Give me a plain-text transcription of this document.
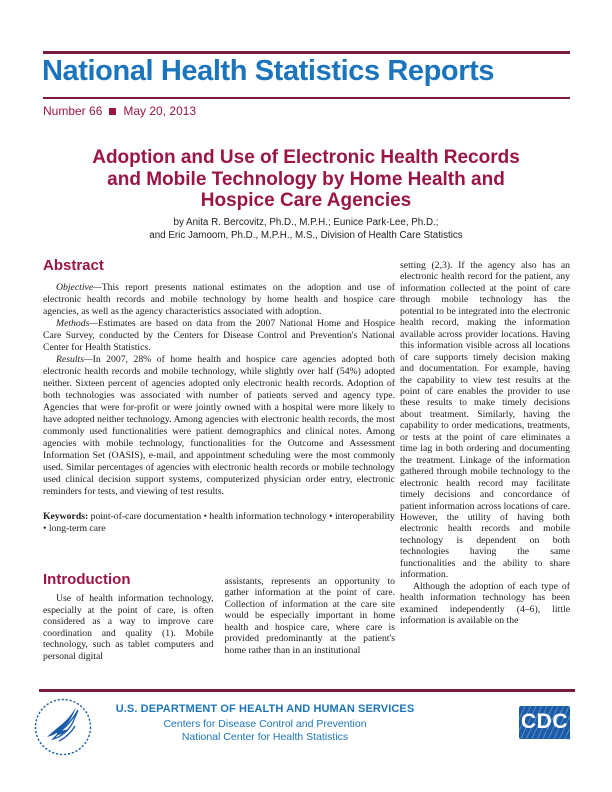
National Health Statistics Reports
Number 66 May 20, 2013
Adoption and Use of Electronic Health Records
and Mobile Technology by Home Health and
Hospice Care Agencies
by Anita R. Bercovitz, Ph.D., M.P.H.; Eunice Park-Lee, Ph.D.;
and Eric Jamoom, Ph.D., M.P.H., M.S., Division of Health Care Statistics
Abstract

Objective—This report presents national estimates on the adoption and use of electronic health records and mobile technology by home health and hospice care agencies, as well as the agency characteristics associated with adoption.

Methods—Estimates are based on data from the 2007 National Home and Hospice Care Survey, conducted by the Centers for Disease Control and Prevention's National Center for Health Statistics.

Results—In 2007, 28% of home health and hospice care agencies adopted both electronic health records and mobile technology, while slightly over half (54%) adopted neither. Sixteen percent of agencies adopted only electronic health records. Adoption of both technologies was associated with number of patients served and agency type. Agencies that were for-profit or were jointly owned with a hospital were more likely to have adopted neither technology. Among agencies with electronic health records, the most commonly used functionalities were patient demographics and clinical notes. Among agencies with mobile technology, functionalities for the Outcome and Assessment Information Set (OASIS), e-mail, and appointment scheduling were the most commonly used. Similar percentages of agencies with electronic health records or mobile technology used clinical decision support systems, computerized physician order entry, electronic reminders for tests, and viewing of test results.

Keywords: point-of-care documentation • health information technology • interoperability • long-term care

Introduction

Use of health information technology, especially at the point of care, is often considered as a way to improve care coordination and quality (1). Mobile technology, such as tablet computers and personal digital

assistants, represents an opportunity to gather information at the point of care. Collection of information at the care site would be especially important in home health and hospice care, where care is provided predominantly at the patient's home rather than in an institutional

setting (2,3). If the agency also has an electronic health record for the patient, any information collected at the point of care through mobile technology has the potential to be integrated into the electronic health record, making the information available across provider locations. Having this information visible across all locations of care supports timely decision making and documentation. For example, having the capability to view test results at the point of care enables the provider to use these results to make timely decisions about treatment. Similarly, having the capability to order medications, treatments, or tests at the point of care eliminates a time lag in both ordering and documenting the treatment. Linkage of the information gathered through mobile technology to the electronic health record may facilitate timely decisions and concordance of patient information across locations of care. However, the utility of having both electronic health records and mobile technology is dependent on both technologies having the same functionalities and the ability to share information.

Although the adoption of each type of health information technology has been examined independently (4–6), little information is available on the

U.S. DEPARTMENT OF HEALTH AND HUMAN SERVICES
Centers for Disease Control and Prevention
National Center for Health Statistics
CDC
™
